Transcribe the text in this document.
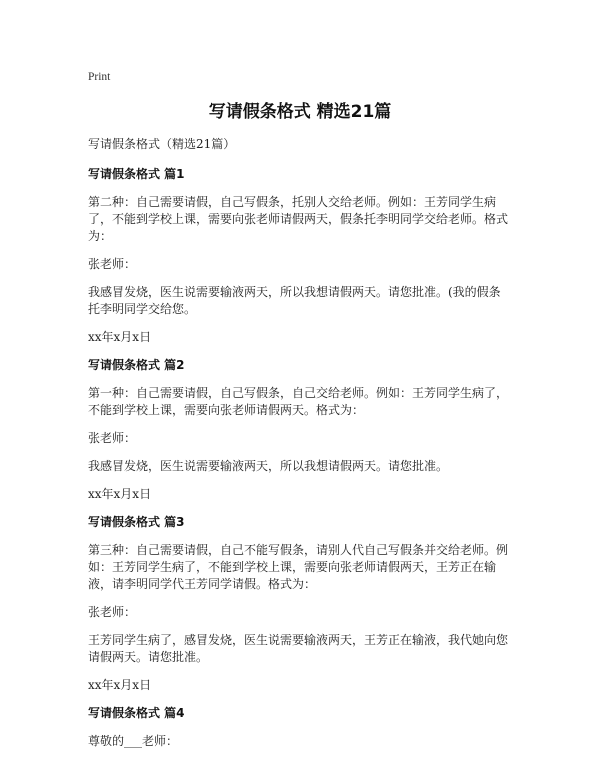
Print
写请假条格式 精选21篇
写请假条格式（精选21篇）
写请假条格式 篇1
第二种：自己需要请假，自己写假条，托别人交给老师。例如：王芳同学生病了，不能到学校上课，需要向张老师请假两天，假条托李明同学交给老师。格式为：
张老师：
我感冒发烧，医生说需要输液两天，所以我想请假两天。请您批准。(我的假条托李明同学交给您。
xx年x月x日
写请假条格式 篇2
第一种：自己需要请假，自己写假条，自己交给老师。例如：王芳同学生病了，不能到学校上课，需要向张老师请假两天。格式为：
张老师：
我感冒发烧，医生说需要输液两天，所以我想请假两天。请您批准。
xx年x月x日
写请假条格式 篇3
第三种：自己需要请假，自己不能写假条，请别人代自己写假条并交给老师。例如：王芳同学生病了，不能到学校上课，需要向张老师请假两天，王芳正在输液，请李明同学代王芳同学请假。格式为：
张老师：
王芳同学生病了，感冒发烧，医生说需要输液两天，王芳正在输液，我代她向您请假两天。请您批准。
xx年x月x日
写请假条格式 篇4
尊敬的___老师：
